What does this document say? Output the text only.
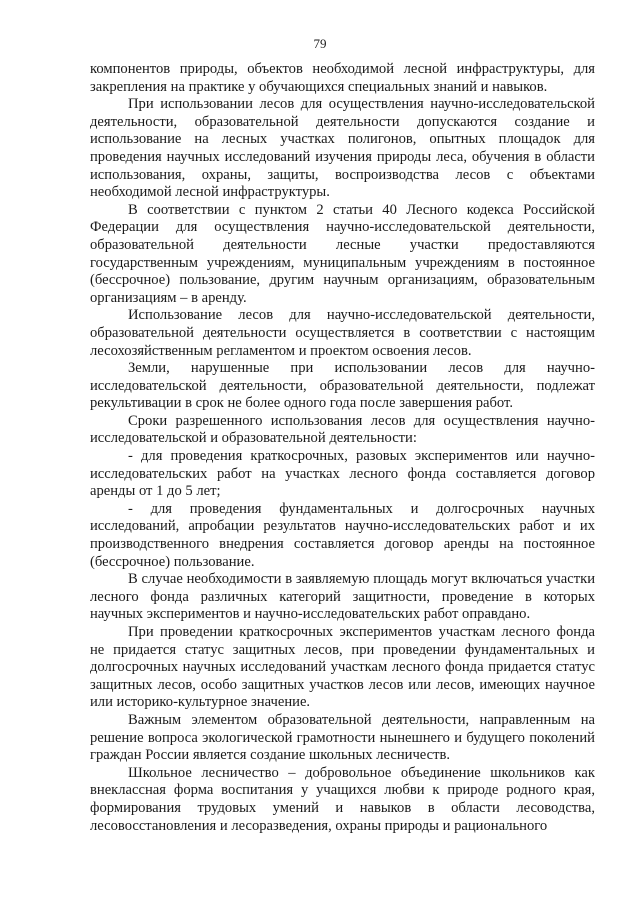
79

компонентов природы, объектов необходимой лесной инфраструктуры, для закрепления на практике у обучающихся специальных знаний и навыков.

При использовании лесов для осуществления научно-исследовательской деятельности, образовательной деятельности допускаются создание и использование на лесных участках полигонов, опытных площадок для проведения научных исследований изучения природы леса, обучения в области использования, охраны, защиты, воспроизводства лесов с объектами необходимой лесной инфраструктуры.

В соответствии с пунктом 2 статьи 40 Лесного кодекса Российской Федерации для осуществления научно-исследовательской деятельности, образовательной деятельности лесные участки предоставляются государственным учреждениям, муниципальным учреждениям в постоянное (бессрочное) пользование, другим научным организациям, образовательным организациям – в аренду.

Использование лесов для научно-исследовательской деятельности, образовательной деятельности осуществляется в соответствии с настоящим лесохозяйственным регламентом и проектом освоения лесов.

Земли, нарушенные при использовании лесов для научно-исследовательской деятельности, образовательной деятельности, подлежат рекультивации в срок не более одного года после завершения работ.

Сроки разрешенного использования лесов для осуществления научно-исследовательской и образовательной деятельности:

- для проведения краткосрочных, разовых экспериментов или научно-исследовательских работ на участках лесного фонда составляется договор аренды от 1 до 5 лет;

- для проведения фундаментальных и долгосрочных научных исследований, апробации результатов научно-исследовательских работ и их производственного внедрения составляется договор аренды на постоянное (бессрочное) пользование.

В случае необходимости в заявляемую площадь могут включаться участки лесного фонда различных категорий защитности, проведение в которых научных экспериментов и научно-исследовательских работ оправдано.

При проведении краткосрочных экспериментов участкам лесного фонда не придается статус защитных лесов, при проведении фундаментальных и долгосрочных научных исследований участкам лесного фонда придается статус защитных лесов, особо защитных участков лесов или лесов, имеющих научное или историко-культурное значение.

Важным элементом образовательной деятельности, направленным на решение вопроса экологической грамотности нынешнего и будущего поколений граждан России является создание школьных лесничеств.

Школьное лесничество – добровольное объединение школьников как внеклассная форма воспитания у учащихся любви к природе родного края, формирования трудовых умений и навыков в области лесоводства, лесовосстановления и лесоразведения, охраны природы и рационального
